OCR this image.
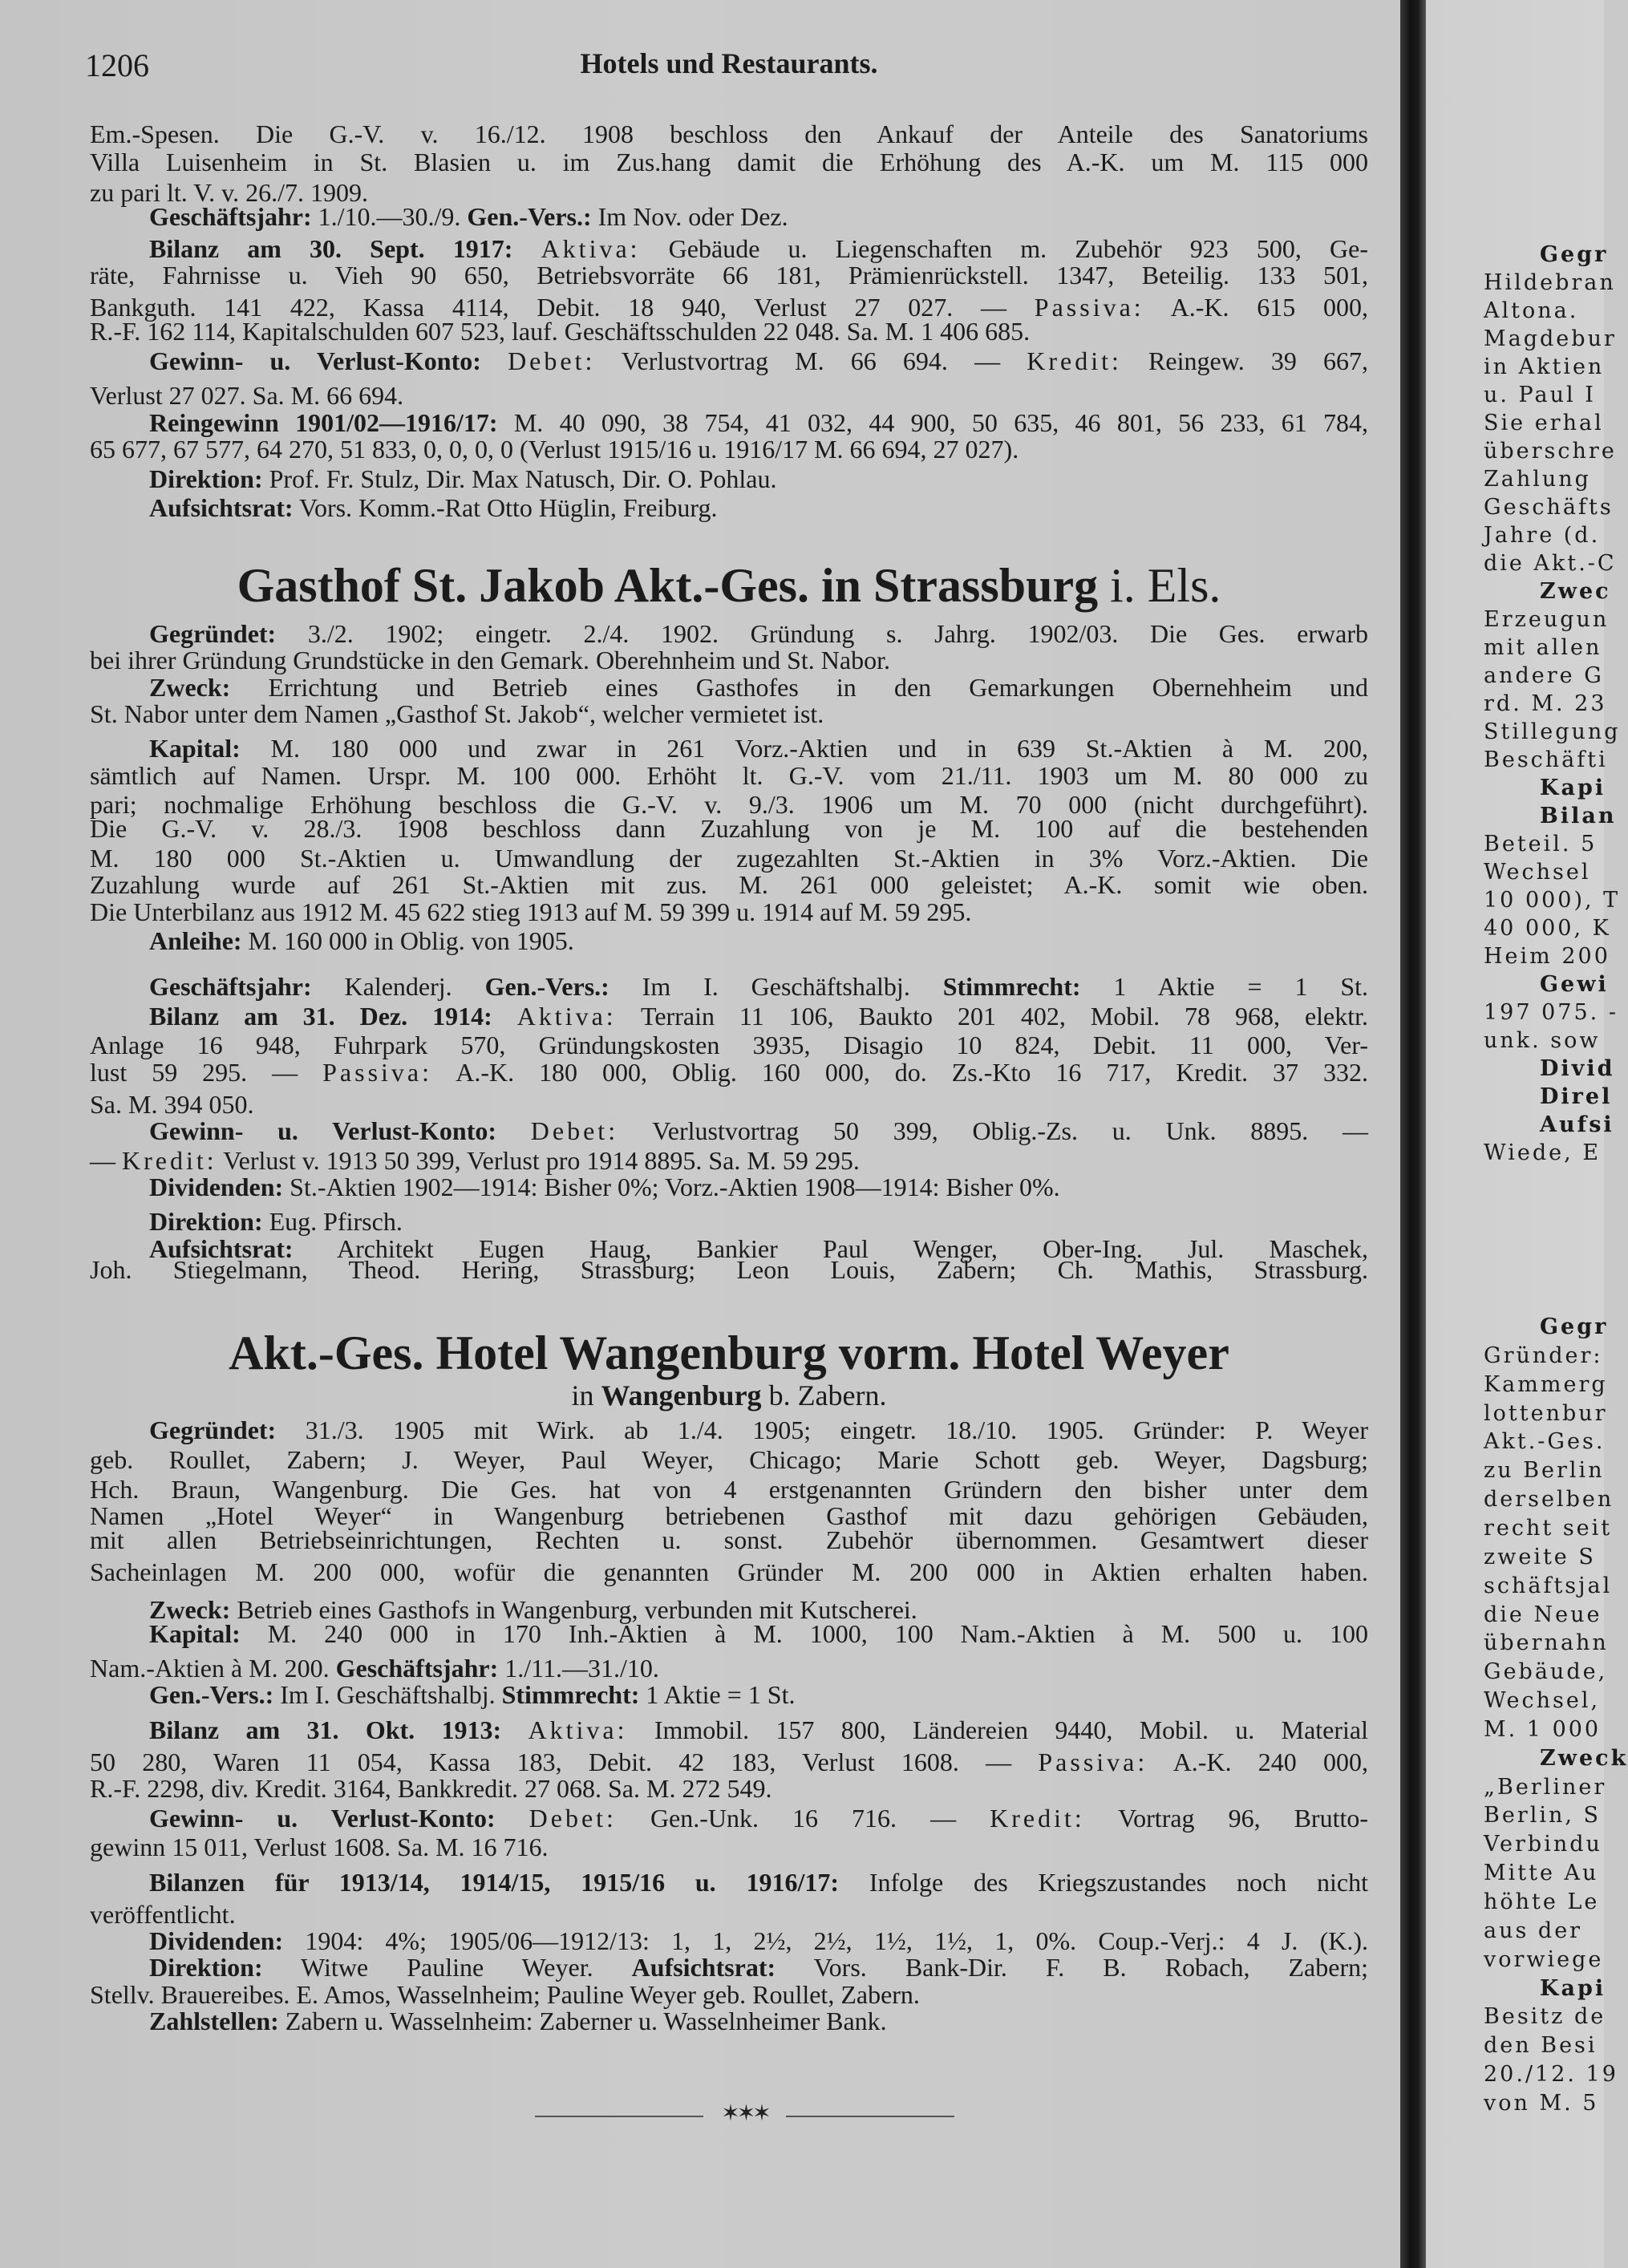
1206	Hotels und Restaurants.
Em.-Spesen. Die G.-V. v. 16./12. 1908 beschloss den Ankauf der Anteile des Sanatoriums
Villa Luisenheim in St. Blasien u. im Zus.hang damit die Erhöhung des A.-K. um M. 115 000
zu pari lt. V. v. 26./7. 1909.
Geschäftsjahr: 1./10.—30./9. Gen.-Vers.: Im Nov. oder Dez.
Bilanz am 30. Sept. 1917: Aktiva: Gebäude u. Liegenschaften m. Zubehör 923 500, Ge-
räte, Fahrnisse u. Vieh 90 650, Betriebsvorräte 66 181, Prämienrückstell. 1347, Beteilig. 133 501,
Bankguth. 141 422, Kassa 4114, Debit. 18 940, Verlust 27 027. — Passiva: A.-K. 615 000,
R.-F. 162 114, Kapitalschulden 607 523, lauf. Geschäftsschulden 22 048. Sa. M. 1 406 685.
Gewinn- u. Verlust-Konto: Debet: Verlustvortrag M. 66 694. — Kredit: Reingew. 39 667,
Verlust 27 027. Sa. M. 66 694.
Reingewinn 1901/02—1916/17: M. 40 090, 38 754, 41 032, 44 900, 50 635, 46 801, 56 233, 61 784,
65 677, 67 577, 64 270, 51 833, 0, 0, 0, 0 (Verlust 1915/16 u. 1916/17 M. 66 694, 27 027).
Direktion: Prof. Fr. Stulz, Dir. Max Natusch, Dir. O. Pohlau.
Aufsichtsrat: Vors. Komm.-Rat Otto Hüglin, Freiburg.
Gasthof St. Jakob Akt.-Ges. in Strassburg i. Els.
Gegründet: 3./2. 1902; eingetr. 2./4. 1902. Gründung s. Jahrg. 1902/03. Die Ges. erwarb
bei ihrer Gründung Grundstücke in den Gemark. Oberehnheim und St. Nabor.
Zweck: Errichtung und Betrieb eines Gasthofes in den Gemarkungen Obernehheim und
St. Nabor unter dem Namen „Gasthof St. Jakob“, welcher vermietet ist.
Kapital: M. 180 000 und zwar in 261 Vorz.-Aktien und in 639 St.-Aktien à M. 200,
sämtlich auf Namen. Urspr. M. 100 000. Erhöht lt. G.-V. vom 21./11. 1903 um M. 80 000 zu
pari; nochmalige Erhöhung beschloss die G.-V. v. 9./3. 1906 um M. 70 000 (nicht durchgeführt).
Die G.-V. v. 28./3. 1908 beschloss dann Zuzahlung von je M. 100 auf die bestehenden
M. 180 000 St.-Aktien u. Umwandlung der zugezahlten St.-Aktien in 3% Vorz.-Aktien. Die
Zuzahlung wurde auf 261 St.-Aktien mit zus. M. 261 000 geleistet; A.-K. somit wie oben.
Die Unterbilanz aus 1912 M. 45 622 stieg 1913 auf M. 59 399 u. 1914 auf M. 59 295.
Anleihe: M. 160 000 in Oblig. von 1905.
Geschäftsjahr: Kalenderj. Gen.-Vers.: Im I. Geschäftshalbj. Stimmrecht: 1 Aktie = 1 St.
Bilanz am 31. Dez. 1914: Aktiva: Terrain 11 106, Baukto 201 402, Mobil. 78 968, elektr.
Anlage 16 948, Fuhrpark 570, Gründungskosten 3935, Disagio 10 824, Debit. 11 000, Ver-
lust 59 295. — Passiva: A.-K. 180 000, Oblig. 160 000, do. Zs.-Kto 16 717, Kredit. 37 332.
Sa. M. 394 050.
Gewinn- u. Verlust-Konto: Debet: Verlustvortrag 50 399, Oblig.-Zs. u. Unk. 8895. —
— Kredit: Verlust v. 1913 50 399, Verlust pro 1914 8895. Sa. M. 59 295.
Dividenden: St.-Aktien 1902—1914: Bisher 0%; Vorz.-Aktien 1908—1914: Bisher 0%.
Direktion: Eug. Pfirsch.
Aufsichtsrat: Architekt Eugen Haug, Bankier Paul Wenger, Ober-Ing. Jul. Maschek,
Joh. Stiegelmann, Theod. Hering, Strassburg; Leon Louis, Zabern; Ch. Mathis, Strassburg.
Akt.-Ges. Hotel Wangenburg vorm. Hotel Weyer
in Wangenburg b. Zabern.
Gegründet: 31./3. 1905 mit Wirk. ab 1./4. 1905; eingetr. 18./10. 1905. Gründer: P. Weyer
geb. Roullet, Zabern; J. Weyer, Paul Weyer, Chicago; Marie Schott geb. Weyer, Dagsburg;
Hch. Braun, Wangenburg. Die Ges. hat von 4 erstgenannten Gründern den bisher unter dem
Namen „Hotel Weyer“ in Wangenburg betriebenen Gasthof mit dazu gehörigen Gebäuden,
mit allen Betriebseinrichtungen, Rechten u. sonst. Zubehör übernommen. Gesamtwert dieser
Sacheinlagen M. 200 000, wofür die genannten Gründer M. 200 000 in Aktien erhalten haben.
Zweck: Betrieb eines Gasthofs in Wangenburg, verbunden mit Kutscherei.
Kapital: M. 240 000 in 170 Inh.-Aktien à M. 1000, 100 Nam.-Aktien à M. 500 u. 100
Nam.-Aktien à M. 200. Geschäftsjahr: 1./11.—31./10.
Gen.-Vers.: Im I. Geschäftshalbj. Stimmrecht: 1 Aktie = 1 St.
Bilanz am 31. Okt. 1913: Aktiva: Immobil. 157 800, Ländereien 9440, Mobil. u. Material
50 280, Waren 11 054, Kassa 183, Debit. 42 183, Verlust 1608. — Passiva: A.-K. 240 000,
R.-F. 2298, div. Kredit. 3164, Bankkredit. 27 068. Sa. M. 272 549.
Gewinn- u. Verlust-Konto: Debet: Gen.-Unk. 16 716. — Kredit: Vortrag 96, Brutto-
gewinn 15 011, Verlust 1608. Sa. M. 16 716.
Bilanzen für 1913/14, 1914/15, 1915/16 u. 1916/17: Infolge des Kriegszustandes noch nicht
veröffentlicht.
Dividenden: 1904: 4%; 1905/06—1912/13: 1, 1, 2½, 2½, 1½, 1½, 1, 0%. Coup.-Verj.: 4 J. (K.).
Direktion: Witwe Pauline Weyer. Aufsichtsrat: Vors. Bank-Dir. F. B. Robach, Zabern;
Stellv. Brauereibes. E. Amos, Wasselnheim; Pauline Weyer geb. Roullet, Zabern.
Zahlstellen: Zabern u. Wasselnheim: Zaberner u. Wasselnheimer Bank.
✶✶✶
Gegr
Hildebran
Altona.
Magdebur
in Aktien
u. Paul I
Sie erhal
überschre
Zahlung
Geschäfts
Jahre (d.
die Akt.-C
Zwec
Erzeugun
mit allen
andere G
rd. M. 23
Stillegung
Beschäfti
Kapi
Bilan
Beteil. 5
Wechsel
10 000), T
40 000, K
Heim 200
Gewi
197 075. -
unk. sow
Divid
Direl
Aufsi
Wiede, E
Gegr
Gründer:
Kammerg
lottenbur
Akt.-Ges.
zu Berlin
derselben
recht seit
zweite S
schäftsjal
die Neue
übernahn
Gebäude,
Wechsel,
M. 1 000
Zweck
„Berliner
Berlin, S
Verbindu
Mitte Au
höhte Le
aus der
vorwiege
Kapi
Besitz de
den Besi
20./12. 19
von M. 5
